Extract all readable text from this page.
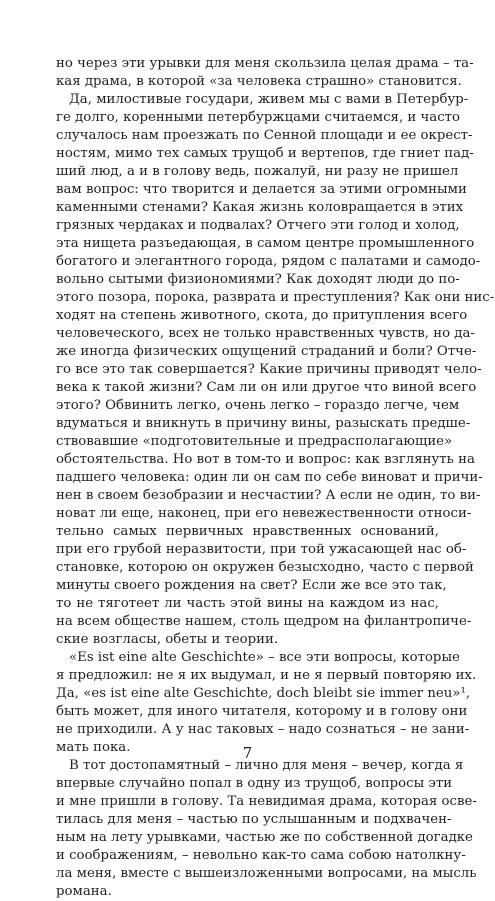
но через эти урывки для меня скользила целая драма – та-
кая драма, в которой «за человека страшно» становится.
Да, милостивые государи, живем мы с вами в Петербур-
ге долго, коренными петербуржцами считаемся, и часто
случалось нам проезжать по Сенной площади и ее окрест-
ностям, мимо тех самых трущоб и вертепов, где гниет пад-
ший люд, а и в голову ведь, пожалуй, ни разу не пришел
вам вопрос: что творится и делается за этими огромными
каменными стенами? Какая жизнь коловращается в этих
грязных чердаках и подвалах? Отчего эти голод и холод,
эта нищета разъедающая, в самом центре промышленного
богатого и элегантного города, рядом с палатами и самодо-
вольно сытыми физиономиями? Как доходят люди до по-
этого позора, порока, разврата и преступления? Как они нис-
ходят на степень животного, скота, до притупления всего
человеческого, всех не только нравственных чувств, но да-
же иногда физических ощущений страданий и боли? Отче-
го все это так совершается? Какие причины приводят чело-
века к такой жизни? Сам ли он или другое что виной всего
этого? Обвинить легко, очень легко – гораздо легче, чем
вдуматься и вникнуть в причину вины, разыскать предше-
ствовавшие «подготовительные и предрасполагающие»
обстоятельства. Но вот в том-то и вопрос: как взглянуть на
падшего человека: один ли он сам по себе виноват и причи-
нен в своем безобразии и несчастии? А если не один, то ви-
новат ли еще, наконец, при его невежественности относи-
тельно самых первичных нравственных оснований,
при его грубой неразвитости, при той ужасающей нас об-
становке, которою он окружен безысходно, часто с первой
минуты своего рождения на свет? Если же все это так,
то не тяготеет ли часть этой вины на каждом из нас,
на всем обществе нашем, столь щедром на филантропиче-
ские возгласы, обеты и теории.
«Es ist eine alte Geschichte» – все эти вопросы, которые
я предложил: не я их выдумал, и не я первый повторяю их.
Да, «es ist eine alte Geschichte, doch bleibt sie immer neu»¹,
быть может, для иного читателя, которому и в голову они
не приходили. А у нас таковых – надо сознаться – не зани-
мать пока.
В тот достопамятный – лично для меня – вечер, когда я
впервые случайно попал в одну из трущоб, вопросы эти
и мне пришли в голову. Та невидимая драма, которая осве-
тилась для меня – частью по услышанным и подхвачен-
ным на лету урывками, частью же по собственной догадке
и соображениям, – невольно как-то сама собою натолкну-
ла меня, вместе с вышеизложенными вопросами, на мысль
романа.
7
